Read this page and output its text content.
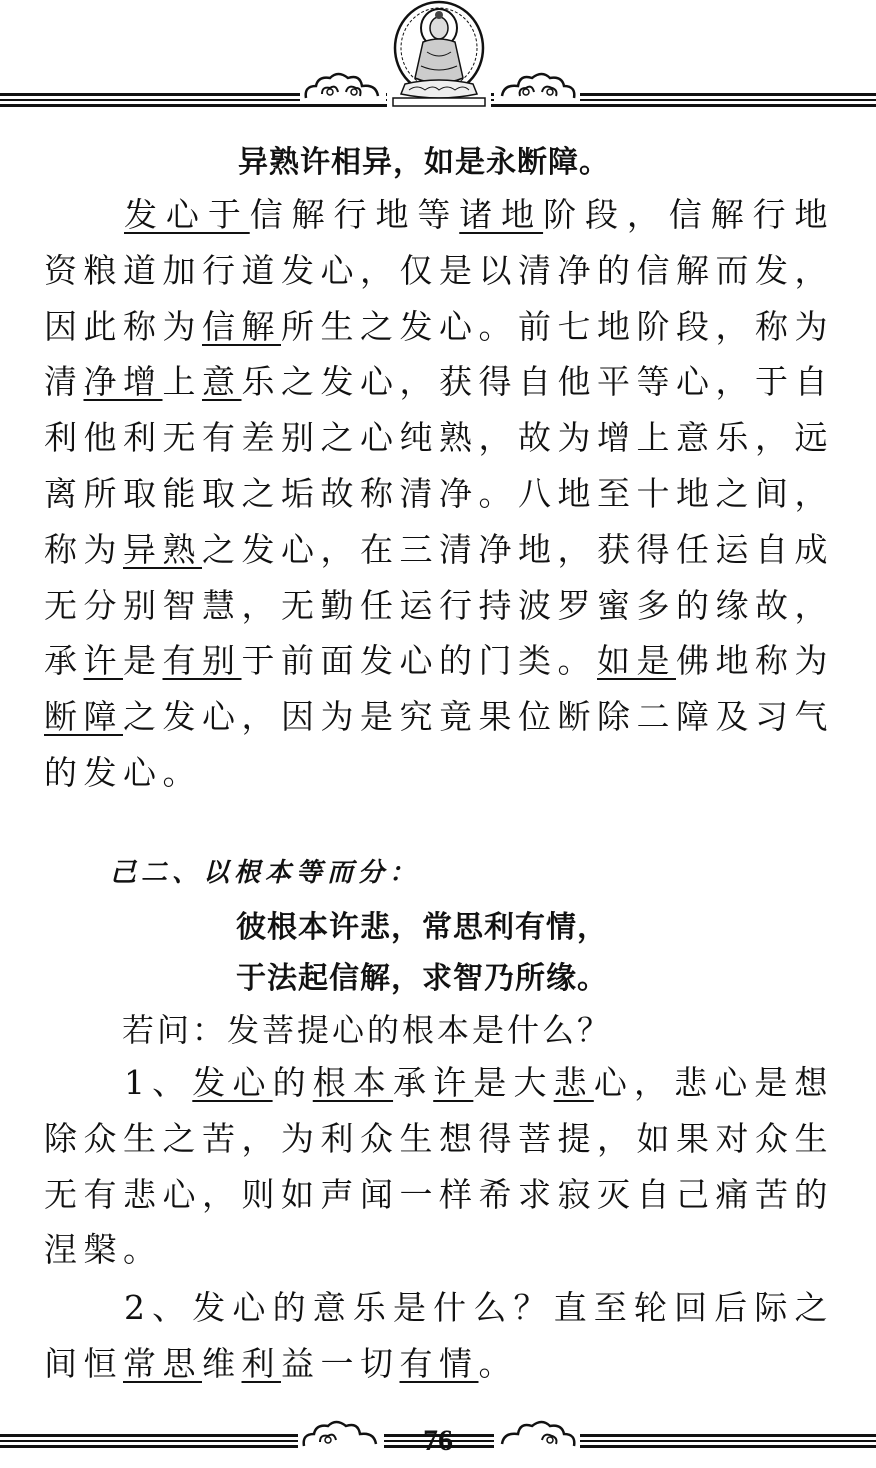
异熟许相异，如是永断障。
发心于信解行地等诸地阶段，信解行地资粮道加行道发心，仅是以清净的信解而发，因此称为信解所生之发心。前七地阶段，称为清净增上意乐之发心，获得自他平等心，于自利他利无有差别之心纯熟，故为增上意乐，远离所取能取之垢故称清净。八地至十地之间，称为异熟之发心，在三清净地，获得任运自成无分别智慧，无勤任运行持波罗蜜多的缘故，承许是有别于前面发心的门类。如是佛地称为断障之发心，因为是究竟果位断除二障及习气的发心。
己二、以根本等而分：
彼根本许悲，常思利有情，
于法起信解，求智乃所缘。
若问：发菩提心的根本是什么？
1、发心的根本承许是大悲心，悲心是想除众生之苦，为利众生想得菩提，如果对众生无有悲心，则如声闻一样希求寂灭自己痛苦的涅槃。
2、发心的意乐是什么？直至轮回后际之间恒常思维利益一切有情。
76
